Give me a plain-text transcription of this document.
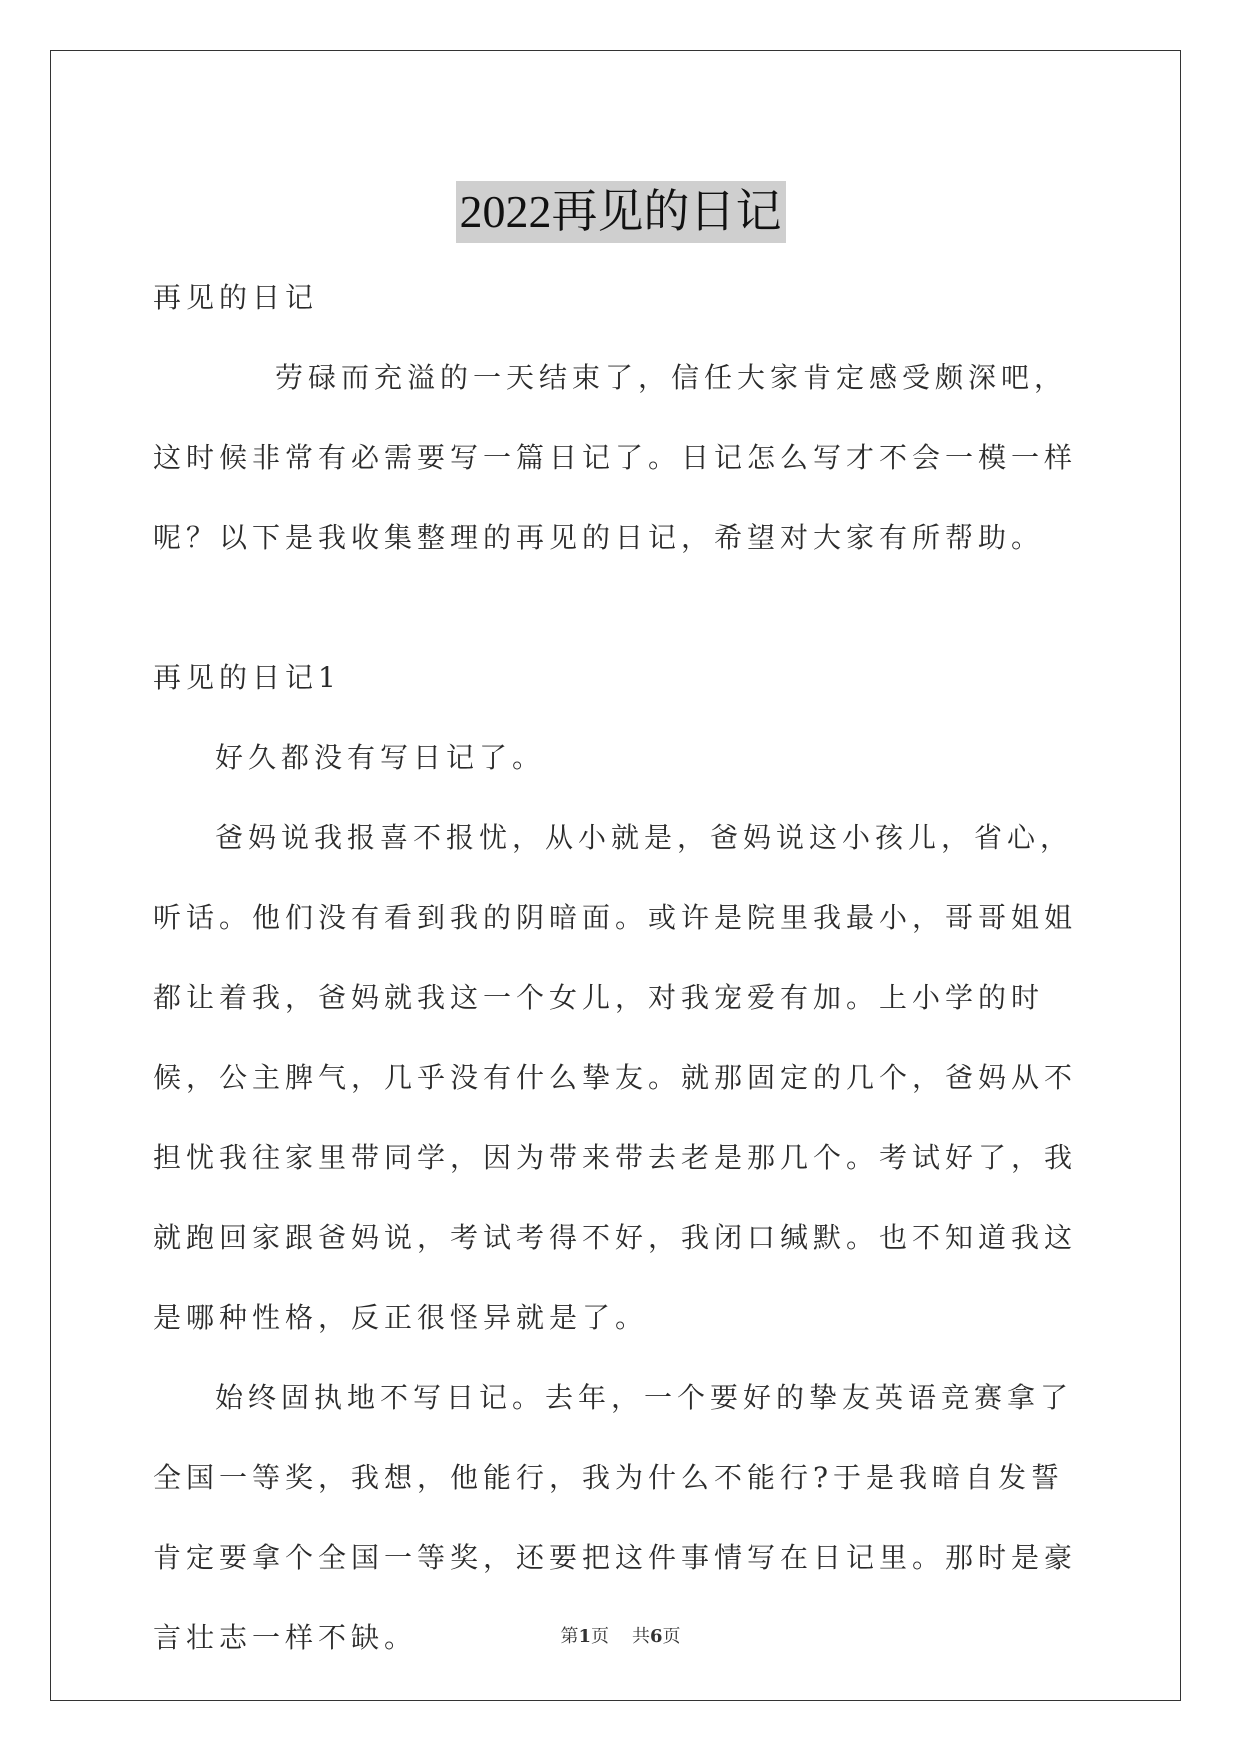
2022再见的日记

再见的日记

劳碌而充溢的一天结束了，信任大家肯定感受颇深吧，这时候非常有必需要写一篇日记了。日记怎么写才不会一模一样呢？以下是我收集整理的再见的日记，希望对大家有所帮助。

再见的日记1

好久都没有写日记了。

爸妈说我报喜不报忧，从小就是，爸妈说这小孩儿，省心，听话。他们没有看到我的阴暗面。或许是院里我最小，哥哥姐姐都让着我，爸妈就我这一个女儿，对我宠爱有加。上小学的时候，公主脾气，几乎没有什么挚友。就那固定的几个，爸妈从不担忧我往家里带同学，因为带来带去老是那几个。考试好了，我就跑回家跟爸妈说，考试考得不好，我闭口缄默。也不知道我这是哪种性格，反正很怪异就是了。

始终固执地不写日记。去年，一个要好的挚友英语竞赛拿了全国一等奖，我想，他能行，我为什么不能行?于是我暗自发誓肯定要拿个全国一等奖，还要把这件事情写在日记里。那时是豪言壮志一样不缺。	第1页 共6页
